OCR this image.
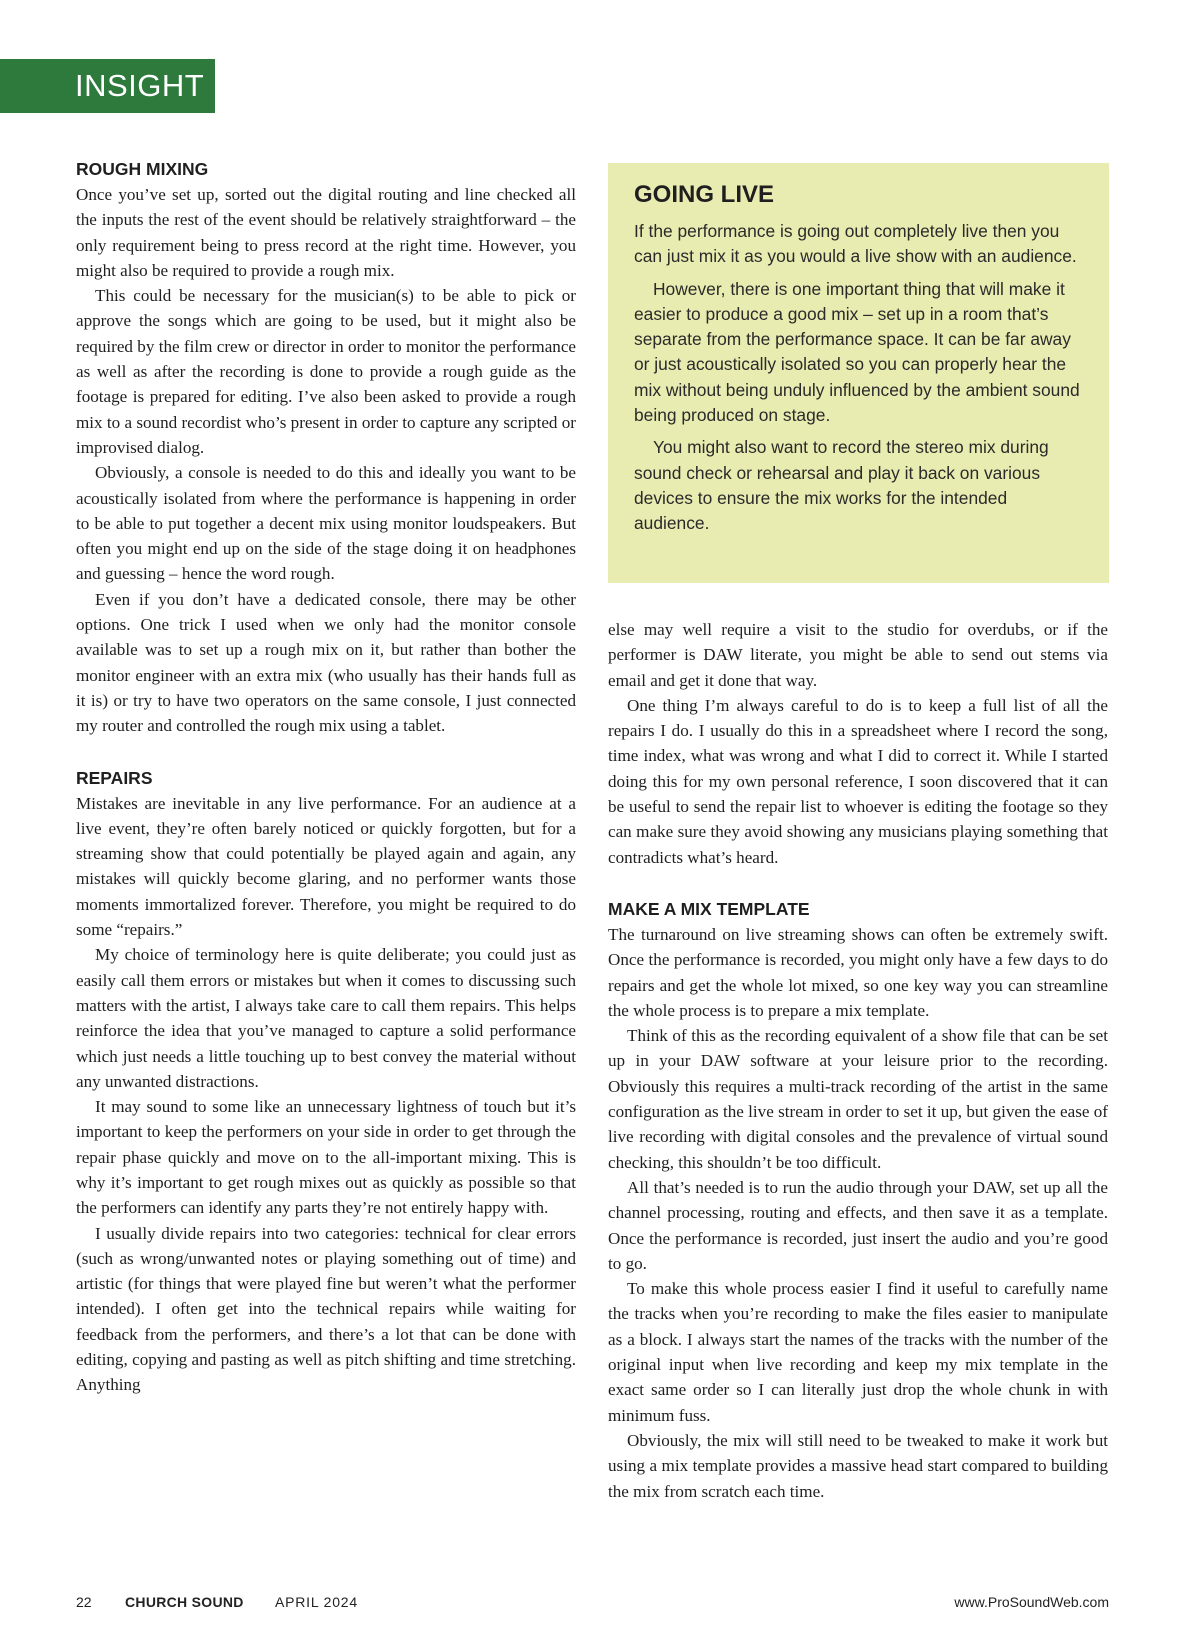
INSIGHT
ROUGH MIXING

Once you’ve set up, sorted out the digital routing and line checked all the inputs the rest of the event should be relatively straightforward – the only requirement being to press record at the right time. However, you might also be required to provide a rough mix.

This could be necessary for the musician(s) to be able to pick or approve the songs which are going to be used, but it might also be required by the film crew or director in order to monitor the performance as well as after the recording is done to provide a rough guide as the footage is prepared for editing. I’ve also been asked to provide a rough mix to a sound recordist who’s present in order to capture any scripted or improvised dialog.

Obviously, a console is needed to do this and ideally you want to be acoustically isolated from where the performance is happening in order to be able to put together a decent mix using monitor loudspeakers. But often you might end up on the side of the stage doing it on headphones and guessing – hence the word rough.

Even if you don’t have a dedicated console, there may be other options. One trick I used when we only had the monitor console available was to set up a rough mix on it, but rather than bother the monitor engineer with an extra mix (who usually has their hands full as it is) or try to have two operators on the same console, I just connected my router and controlled the rough mix using a tablet.

REPAIRS

Mistakes are inevitable in any live performance. For an audience at a live event, they’re often barely noticed or quickly forgotten, but for a streaming show that could potentially be played again and again, any mistakes will quickly become glaring, and no performer wants those moments immortalized forever. Therefore, you might be required to do some “repairs.”

My choice of terminology here is quite deliberate; you could just as easily call them errors or mistakes but when it comes to discussing such matters with the artist, I always take care to call them repairs. This helps reinforce the idea that you’ve managed to capture a solid performance which just needs a little touching up to best convey the material without any unwanted distractions.

It may sound to some like an unnecessary lightness of touch but it’s important to keep the performers on your side in order to get through the repair phase quickly and move on to the all-important mixing. This is why it’s important to get rough mixes out as quickly as possible so that the performers can identify any parts they’re not entirely happy with.

I usually divide repairs into two categories: technical for clear errors (such as wrong/unwanted notes or playing something out of time) and artistic (for things that were played fine but weren’t what the performer intended). I often get into the technical repairs while waiting for feedback from the performers, and there’s a lot that can be done with editing, copying and pasting as well as pitch shifting and time stretching. Anything

GOING LIVE

If the performance is going out completely live then you can just mix it as you would a live show with an audience.

However, there is one important thing that will make it easier to produce a good mix – set up in a room that’s separate from the performance space. It can be far away or just acoustically isolated so you can properly hear the mix without being unduly influenced by the ambient sound being produced on stage.

You might also want to record the stereo mix during sound check or rehearsal and play it back on various devices to ensure the mix works for the intended audience.

else may well require a visit to the studio for overdubs, or if the performer is DAW literate, you might be able to send out stems via email and get it done that way.

One thing I’m always careful to do is to keep a full list of all the repairs I do. I usually do this in a spreadsheet where I record the song, time index, what was wrong and what I did to correct it. While I started doing this for my own personal reference, I soon discovered that it can be useful to send the repair list to whoever is editing the footage so they can make sure they avoid showing any musicians playing something that contradicts what’s heard.

MAKE A MIX TEMPLATE

The turnaround on live streaming shows can often be extremely swift. Once the performance is recorded, you might only have a few days to do repairs and get the whole lot mixed, so one key way you can streamline the whole process is to prepare a mix template.

Think of this as the recording equivalent of a show file that can be set up in your DAW software at your leisure prior to the recording. Obviously this requires a multi-track recording of the artist in the same configuration as the live stream in order to set it up, but given the ease of live recording with digital consoles and the prevalence of virtual sound checking, this shouldn’t be too difficult.

All that’s needed is to run the audio through your DAW, set up all the channel processing, routing and effects, and then save it as a template. Once the performance is recorded, just insert the audio and you’re good to go.

To make this whole process easier I find it useful to carefully name the tracks when you’re recording to make the files easier to manipulate as a block. I always start the names of the tracks with the number of the original input when live recording and keep my mix template in the exact same order so I can literally just drop the whole chunk in with minimum fuss.

Obviously, the mix will still need to be tweaked to make it work but using a mix template provides a massive head start compared to building the mix from scratch each time.

22 CHURCH SOUND APRIL 2024	www.ProSoundWeb.com
